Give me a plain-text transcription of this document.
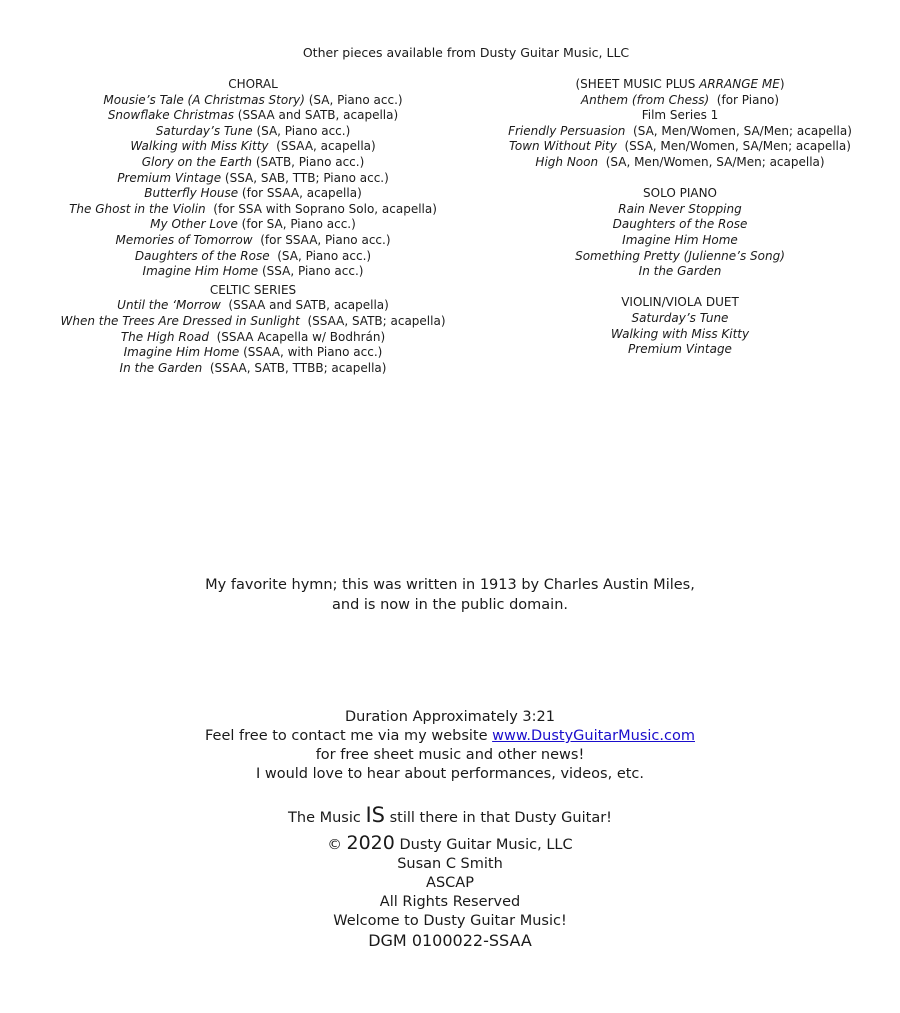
Other pieces available from Dusty Guitar Music, LLC
CHORAL
Mousie’s Tale (A Christmas Story) (SA, Piano acc.)
Snowflake Christmas (SSAA and SATB, acapella)
Saturday’s Tune (SA, Piano acc.)
Walking with Miss Kitty  (SSAA, acapella)
Glory on the Earth (SATB, Piano acc.)
Premium Vintage (SSA, SAB, TTB; Piano acc.)
Butterfly House (for SSAA, acapella)
The Ghost in the Violin  (for SSA with Soprano Solo, acapella)
My Other Love (for SA, Piano acc.)
Memories of Tomorrow  (for SSAA, Piano acc.)
Daughters of the Rose  (SA, Piano acc.)
Imagine Him Home (SSA, Piano acc.)
CELTIC SERIES
Until the ‘Morrow  (SSAA and SATB, acapella)
When the Trees Are Dressed in Sunlight  (SSAA, SATB; acapella)
The High Road  (SSAA Acapella w/ Bodhrán)
Imagine Him Home (SSAA, with Piano acc.)
In the Garden  (SSAA, SATB, TTBB; acapella)
(SHEET MUSIC PLUS ARRANGE ME)
Anthem (from Chess)  (for Piano)
Film Series 1
Friendly Persuasion  (SA, Men/Women, SA/Men; acapella)
Town Without Pity  (SSA, Men/Women, SA/Men; acapella)
High Noon  (SA, Men/Women, SA/Men; acapella)
SOLO PIANO
Rain Never Stopping
Daughters of the Rose
Imagine Him Home
Something Pretty (Julienne’s Song)
In the Garden
VIOLIN/VIOLA DUET
Saturday’s Tune
Walking with Miss Kitty
Premium Vintage
My favorite hymn; this was written in 1913 by Charles Austin Miles,
and is now in the public domain.
Duration Approximately 3:21
Feel free to contact me via my website www.DustyGuitarMusic.com
for free sheet music and other news!
I would love to hear about performances, videos, etc.
The Music IS still there in that Dusty Guitar!
© 2020 Dusty Guitar Music, LLC
Susan C Smith
ASCAP
All Rights Reserved
Welcome to Dusty Guitar Music!
DGM 0100022-SSAA
